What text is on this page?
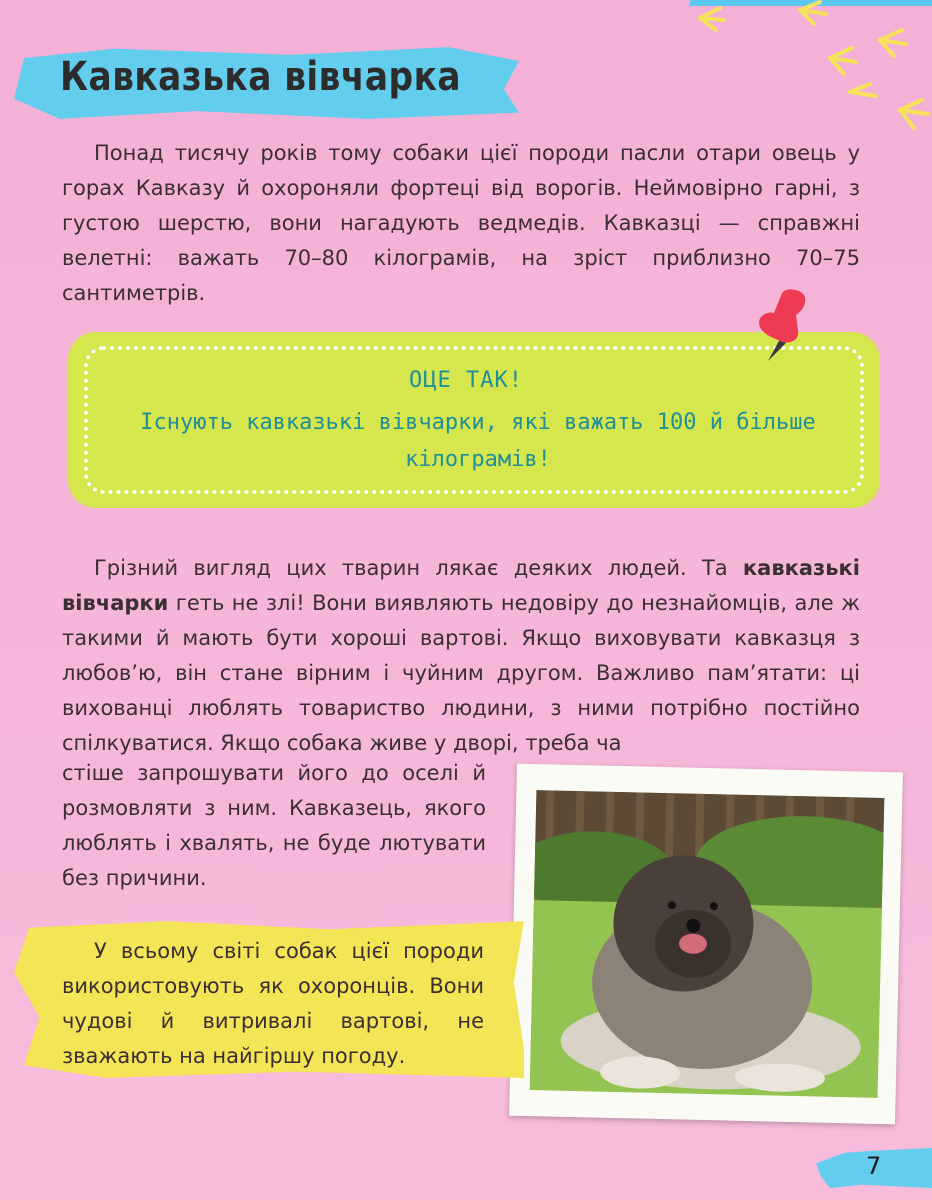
Кавказька вівчарка

Понад тисячу років тому собаки цієї породи пасли отари овець у горах Кавказу й охороняли фортеці від ворогів. Неймовірно гарні, з густою шерстю, вони нагадують ведмедів. Кавказці — справжні велетні: важать 70–80 кілограмів, на зріст приблизно 70–75 сантиметрів.

ОЦЕ ТАК!

Існують кавказькі вівчарки, які важать 100 й більше кілограмів!

Грізний вигляд цих тварин лякає деяких людей. Та кавказькі вівчарки геть не злі! Вони виявляють недовіру до незнайомців, але ж такими й мають бути хороші вартові. Якщо виховувати кавказця з любов’ю, він стане вірним і чуйним другом. Важливо пам’ятати: ці вихованці люблять товариство людини, з ними потрібно постійно спілкуватися. Якщо собака живе у дворі, треба ча

стіше запрошувати його до оселі й розмовляти з ним. Кавказець, якого люблять і хвалять, не буде лютувати без причини.

У всьому світі собак цієї породи використовують як охоронців. Вони чудові й витривалі вартові, не зважають на найгіршу погоду.

7
